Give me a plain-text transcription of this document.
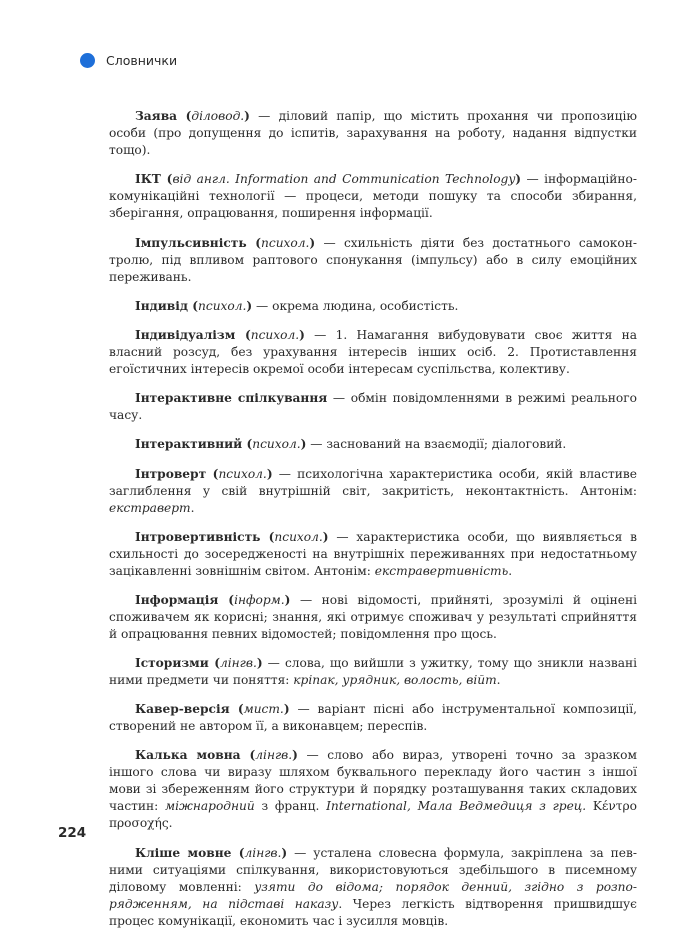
Словнички

Заява (діловод.) — діловий папір, що містить прохання чи пропозицію особи (про допущення до іспитів, зарахування на роботу, надання відпустки тощо).

ІКТ (від англ. Information and Communication Technology) — інформаційно-комунікаційні технології — процеси, методи пошуку та способи збирання, зберігання, опрацювання, поширення інформації.

Імпульсивність (психол.) — схильність діяти без достатнього самоконтролю, під впливом раптового спонукання (імпульсу) або в силу емоційних переживань.

Індивід (психол.) — окрема людина, особистість.

Індивідуалізм (психол.) — 1. Намагання вибудовувати своє життя на власний розсуд, без урахування інтересів інших осіб. 2. Протиставлення егоїстичних інтересів окремої особи інтересам суспільства, колективу.

Інтерактивне спілкування — обмін повідомленнями в режимі реального часу.

Інтерактивний (психол.) — заснований на взаємодії; діалоговий.

Інтроверт (психол.) — психологічна характеристика особи, якій властиве заглиблення у свій внутрішній світ, закритість, неконтактність. Антонім: екстраверт.

Інтровертивність (психол.) — характеристика особи, що виявляється в схильності до зосередженості на внутрішніх переживаннях при недостатньому зацікавленні зовнішнім світом. Антонім: екстравертивність.

Інформація (інформ.) — нові відомості, прийняті, зрозумілі й оцінені споживачем як корисні; знання, які отримує споживач у результаті сприйняття й опрацювання певних відомостей; повідомлення про щось.

Історизми (лінгв.) — слова, що вийшли з ужитку, тому що зникли названі ними предмети чи поняття: кріпак, урядник, волость, війт.

Кавер-версія (мист.) — варіант пісні або інструментальної композиції, створений не автором її, а виконавцем; переспів.

Калька мовна (лінгв.) — слово або вираз, утворені точно за зразком іншого слова чи виразу шляхом буквального перекладу його частин з іншої мови зі збереженням його структури й порядку розташування таких складових частин: міжнародний з франц. International, Мала Ведмедиця з грец. Κέντρο προσοχής.

Кліше мовне (лінгв.) — усталена словесна формула, закріплена за певними ситуаціями спілкування, використовуються здебільшого в писемному діловому мовленні: узяти до відома; порядок денний, згідно з розпорядженням, на підставі наказу. Через легкість відтворення пришвидшує процес комунікації, економить час і зусилля мовців.

224
